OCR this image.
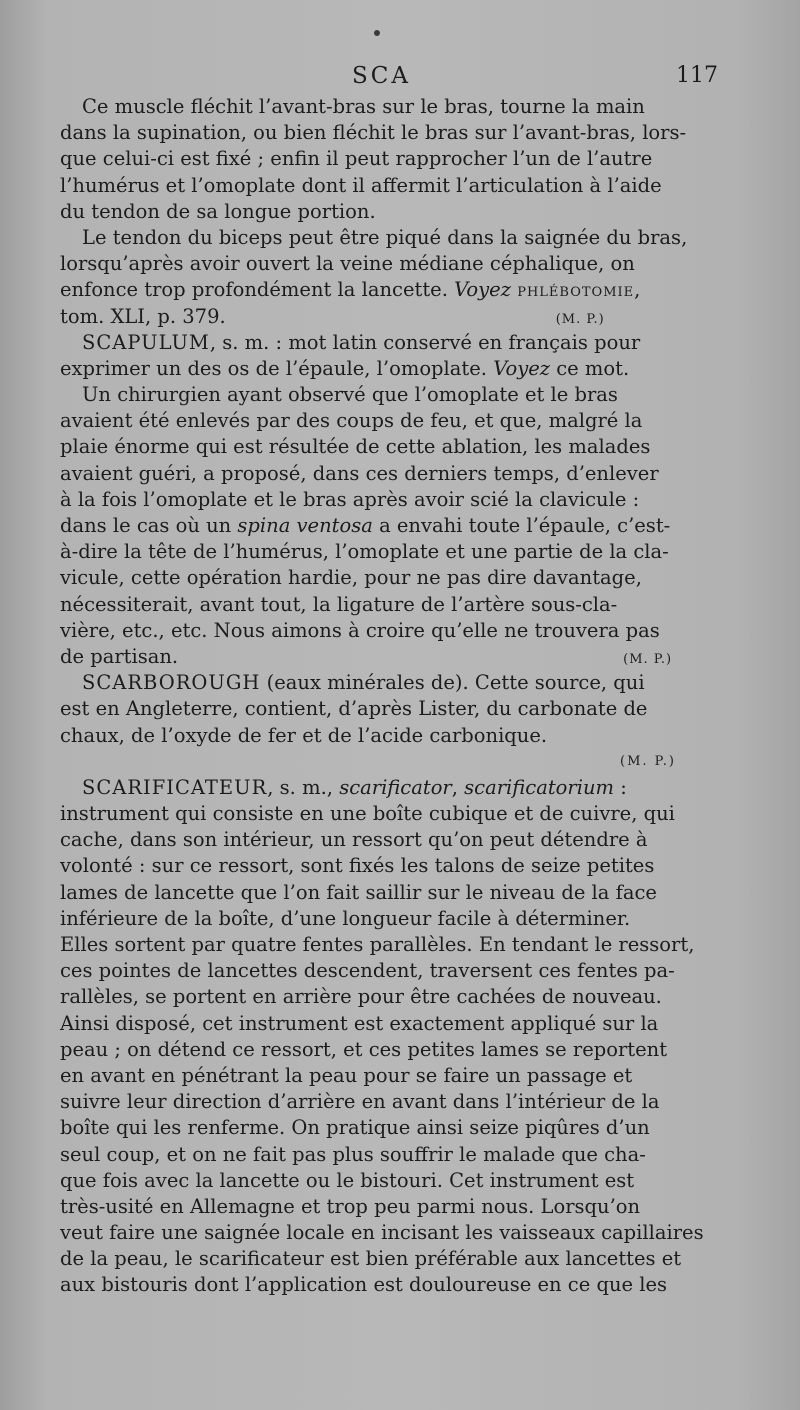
SCA	117
Ce muscle fléchit l’avant-bras sur le bras, tourne la main
dans la supination, ou bien fléchit le bras sur l’avant-bras, lors-
que celui-ci est fixé ; enfin il peut rapprocher l’un de l’autre
l’humérus et l’omoplate dont il affermit l’articulation à l’aide
du tendon de sa longue portion.
Le tendon du biceps peut être piqué dans la saignée du bras,
lorsqu’après avoir ouvert la veine médiane céphalique, on
enfonce trop profondément la lancette. Voyez PHLÉBOTOMIE,
tom. XLI, p. 379.	(M. P.)
SCAPULUM, s. m. : mot latin conservé en français pour
exprimer un des os de l’épaule, l’omoplate. Voyez ce mot.
Un chirurgien ayant observé que l’omoplate et le bras
avaient été enlevés par des coups de feu, et que, malgré la
plaie énorme qui est résultée de cette ablation, les malades
avaient guéri, a proposé, dans ces derniers temps, d’enlever
à la fois l’omoplate et le bras après avoir scié la clavicule :
dans le cas où un spina ventosa a envahi toute l’épaule, c’est-
à-dire la tête de l’humérus, l’omoplate et une partie de la cla-
vicule, cette opération hardie, pour ne pas dire davantage,
nécessiterait, avant tout, la ligature de l’artère sous-cla-
vière, etc., etc. Nous aimons à croire qu’elle ne trouvera pas
de partisan.	(M. P.)
SCARBOROUGH (eaux minérales de). Cette source, qui
est en Angleterre, contient, d’après Lister, du carbonate de
chaux, de l’oxyde de fer et de l’acide carbonique.
(M. P.)
SCARIFICATEUR, s. m., scarificator, scarificatorium :
instrument qui consiste en une boîte cubique et de cuivre, qui
cache, dans son intérieur, un ressort qu’on peut détendre à
volonté : sur ce ressort, sont fixés les talons de seize petites
lames de lancette que l’on fait saillir sur le niveau de la face
inférieure de la boîte, d’une longueur facile à déterminer.
Elles sortent par quatre fentes parallèles. En tendant le ressort,
ces pointes de lancettes descendent, traversent ces fentes pa-
rallèles, se portent en arrière pour être cachées de nouveau.
Ainsi disposé, cet instrument est exactement appliqué sur la
peau ; on détend ce ressort, et ces petites lames se reportent
en avant en pénétrant la peau pour se faire un passage et
suivre leur direction d’arrière en avant dans l’intérieur de la
boîte qui les renferme. On pratique ainsi seize piqûres d’un
seul coup, et on ne fait pas plus souffrir le malade que cha-
que fois avec la lancette ou le bistouri. Cet instrument est
très-usité en Allemagne et trop peu parmi nous. Lorsqu’on
veut faire une saignée locale en incisant les vaisseaux capillaires
de la peau, le scarificateur est bien préférable aux lancettes et
aux bistouris dont l’application est douloureuse en ce que les
